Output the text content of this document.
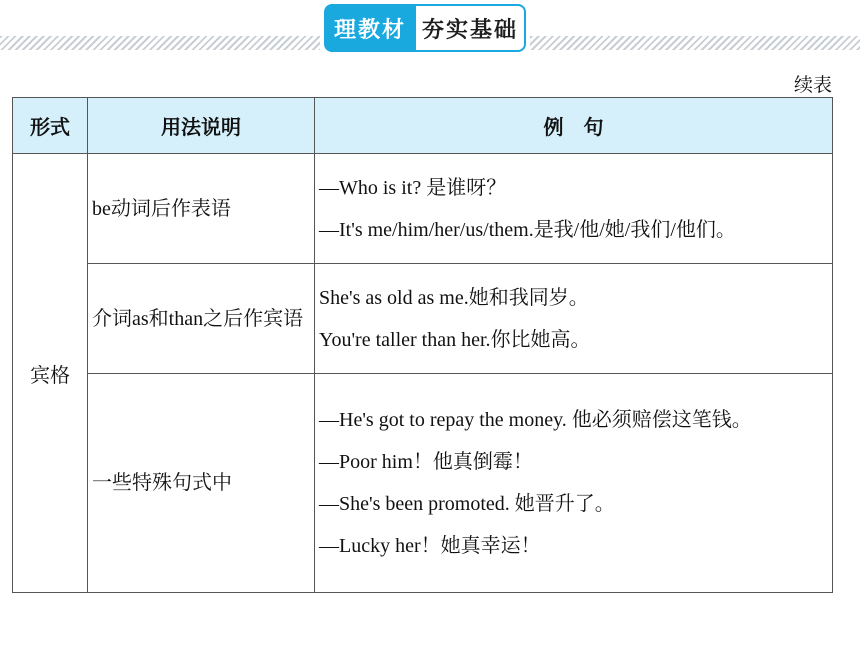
理教材 夯实基础
续表
形式	用法说明	例　句
宾格	be动词后作表语	—Who is it? 是谁呀？
—It's me/him/her/us/them.是我/他/她/我们/他们。

	介词as和than之后作宾语	She's as old as me.她和我同岁。
You're taller than her.你比她高。

	一些特殊句式中	—He's got to repay the money. 他必须赔偿这笔钱。
—Poor him！他真倒霉！
—She's been promoted. 她晋升了。
—Lucky her！她真幸运！
